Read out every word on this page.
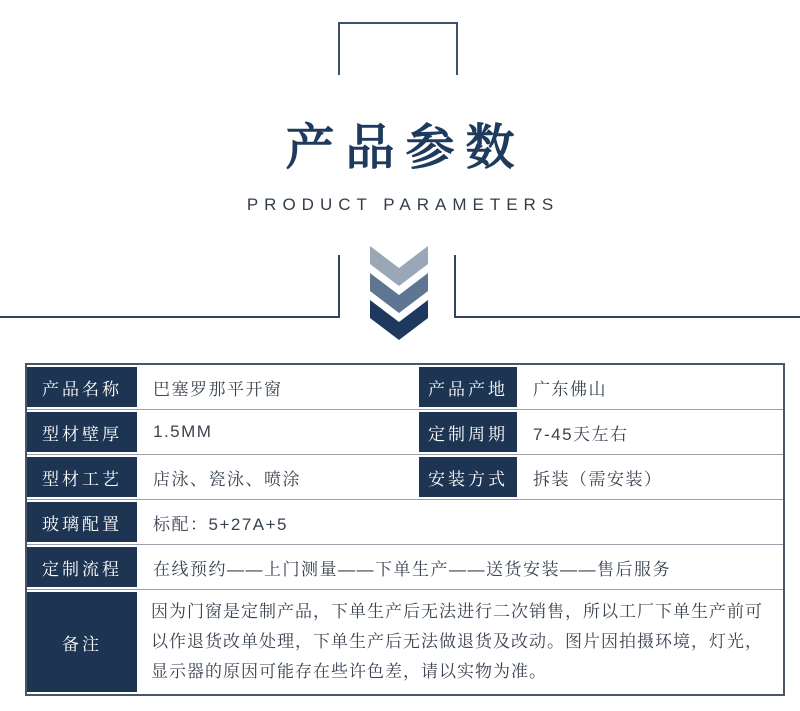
产品参数
PRODUCT PARAMETERS
产品名称	巴塞罗那平开窗	产品产地	广东佛山
型材壁厚	1.5MM	定制周期	7-45天左右
型材工艺	店泳、瓷泳、喷涂	安装方式	拆装（需安装）
玻璃配置	标配：5+27A+5
定制流程	在线预约——上门测量——下单生产——送货安装——售后服务
备注
因为门窗是定制产品，下单生产后无法进行二次销售，所以工厂下单生产前可以作退货改单处理，下单生产后无法做退货及改动。图片因拍摄环境，灯光，显示器的原因可能存在些许色差，请以实物为准。
